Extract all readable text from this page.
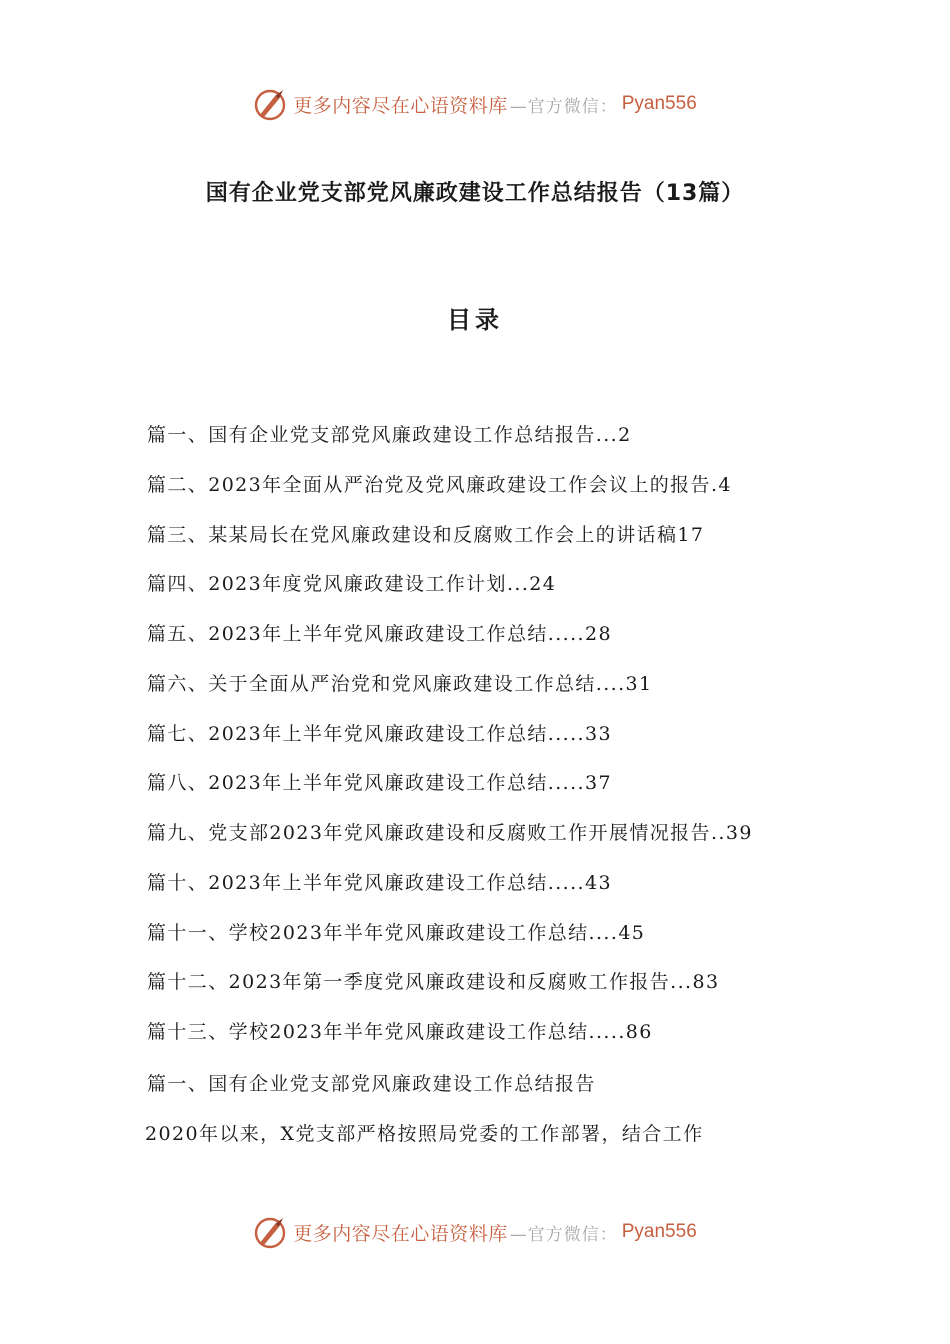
更多内容尽在心语资料库 —官方微信： Pyan556
国有企业党支部党风廉政建设工作总结报告（13篇）
目录
篇一、国有企业党支部党风廉政建设工作总结报告...2
篇二、2023年全面从严治党及党风廉政建设工作会议上的报告.4
篇三、某某局长在党风廉政建设和反腐败工作会上的讲话稿17
篇四、2023年度党风廉政建设工作计划...24
篇五、2023年上半年党风廉政建设工作总结.....28
篇六、关于全面从严治党和党风廉政建设工作总结....31
篇七、2023年上半年党风廉政建设工作总结.....33
篇八、2023年上半年党风廉政建设工作总结.....37
篇九、党支部2023年党风廉政建设和反腐败工作开展情况报告..39
篇十、2023年上半年党风廉政建设工作总结.....43
篇十一、学校2023年半年党风廉政建设工作总结....45
篇十二、2023年第一季度党风廉政建设和反腐败工作报告...83
篇十三、学校2023年半年党风廉政建设工作总结.....86
篇一、国有企业党支部党风廉政建设工作总结报告
2020年以来，X党支部严格按照局党委的工作部署，结合工作
更多内容尽在心语资料库 —官方微信： Pyan556
